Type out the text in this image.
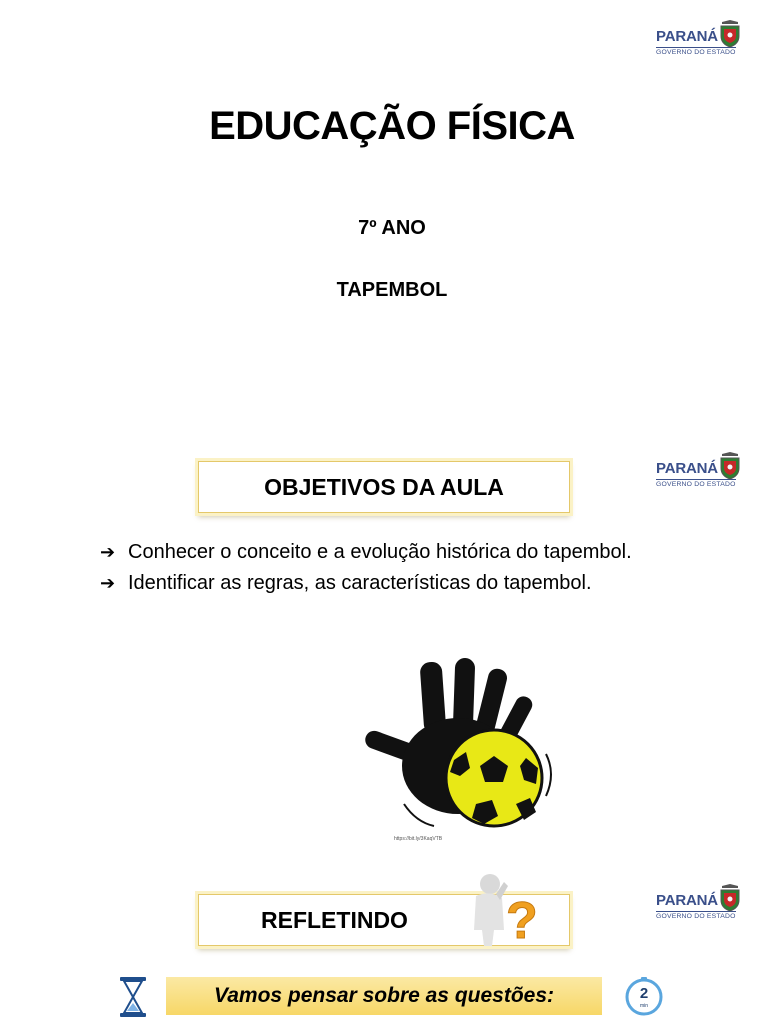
PARANÁ
GOVERNO DO ESTADO
EDUCAÇÃO FÍSICA
7º ANO
TAPEMBOL
PARANÁ
GOVERNO DO ESTADO
OBJETIVOS DA AULA
➔ Conhecer o conceito e a evolução histórica do tapembol.
➔ Identificar as regras, as características do tapembol.
https://bit.ly/3KaqVTB
PARANÁ
GOVERNO DO ESTADO
REFLETINDO ?
Vamos pensar sobre as questões:	2
min
